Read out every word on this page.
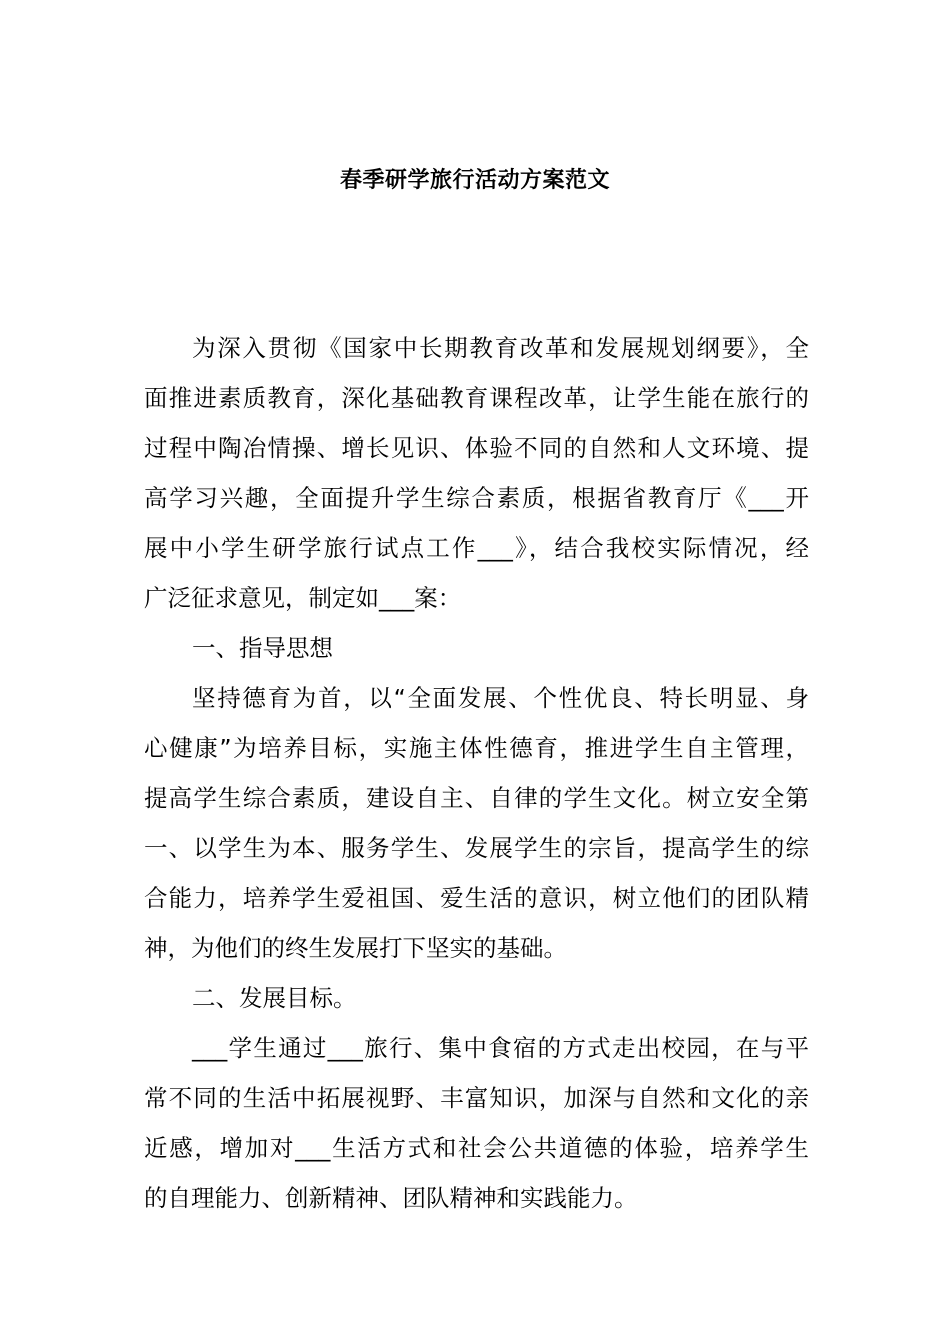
春季研学旅行活动方案范文
为深入贯彻《国家中长期教育改革和发展规划纲要》，全
面推进素质教育，深化基础教育课程改革，让学生能在旅行的
过程中陶冶情操、增长见识、体验不同的自然和人文环境、提
高学习兴趣，全面提升学生综合素质，根据省教育厅《___开
展中小学生研学旅行试点工作___》，结合我校实际情况，经
广泛征求意见，制定如___案：
一、指导思想
坚持德育为首，以“全面发展、个性优良、特长明显、身
心健康”为培养目标，实施主体性德育，推进学生自主管理，
提高学生综合素质，建设自主、自律的学生文化。树立安全第
一、以学生为本、服务学生、发展学生的宗旨，提高学生的综
合能力，培养学生爱祖国、爱生活的意识，树立他们的团队精
神，为他们的终生发展打下坚实的基础。
二、发展目标。
___学生通过___旅行、集中食宿的方式走出校园，在与平
常不同的生活中拓展视野、丰富知识，加深与自然和文化的亲
近感，增加对___生活方式和社会公共道德的体验，培养学生
的自理能力、创新精神、团队精神和实践能力。
